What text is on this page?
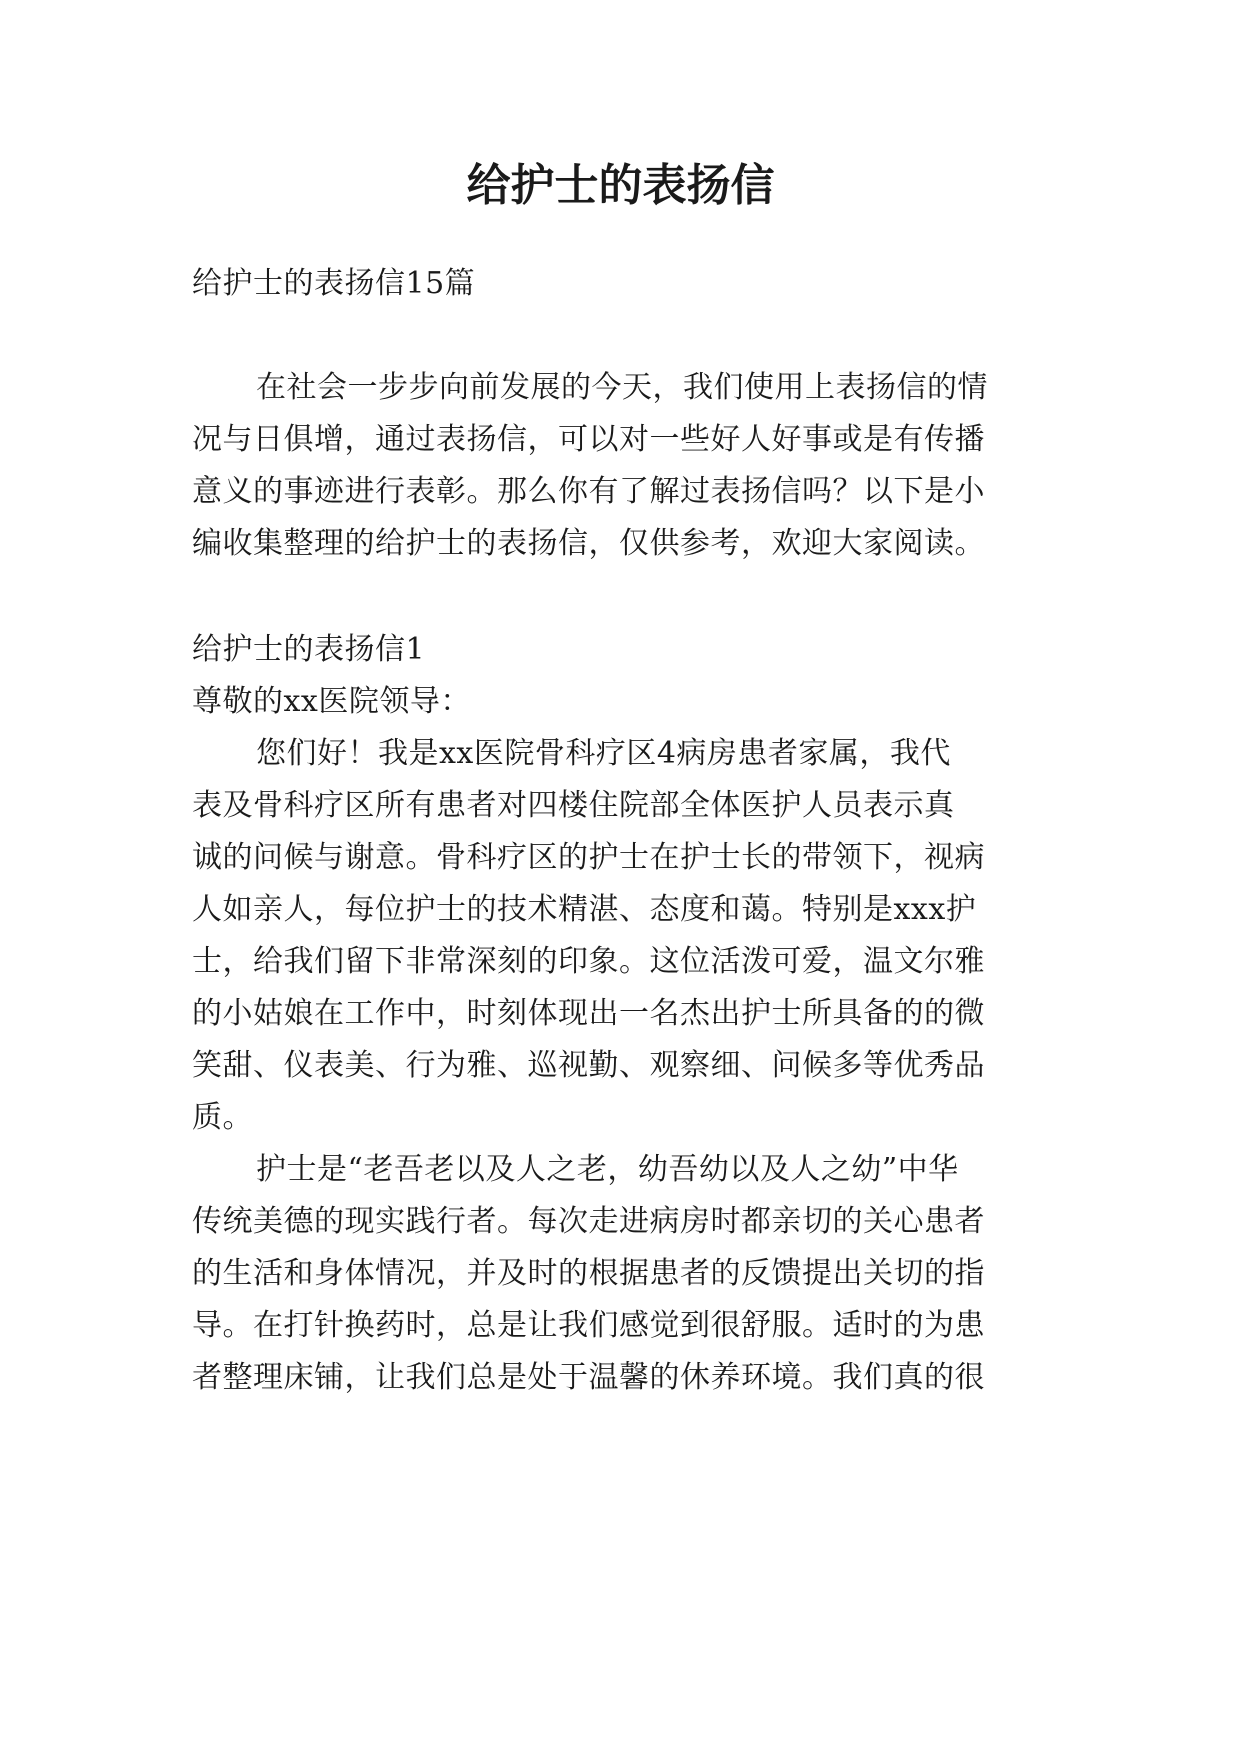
给护士的表扬信
给护士的表扬信15篇
在社会一步步向前发展的今天，我们使用上表扬信的情
况与日俱增，通过表扬信，可以对一些好人好事或是有传播
意义的事迹进行表彰。那么你有了解过表扬信吗？以下是小
编收集整理的给护士的表扬信，仅供参考，欢迎大家阅读。
给护士的表扬信1
尊敬的xx医院领导：
您们好！我是xx医院骨科疗区4病房患者家属，我代
表及骨科疗区所有患者对四楼住院部全体医护人员表示真
诚的问候与谢意。骨科疗区的护士在护士长的带领下，视病
人如亲人，每位护士的技术精湛、态度和蔼。特别是xxx护
士，给我们留下非常深刻的印象。这位活泼可爱，温文尔雅
的小姑娘在工作中，时刻体现出一名杰出护士所具备的的微
笑甜、仪表美、行为雅、巡视勤、观察细、问候多等优秀品
质。
护士是“老吾老以及人之老，幼吾幼以及人之幼”中华
传统美德的现实践行者。每次走进病房时都亲切的关心患者
的生活和身体情况，并及时的根据患者的反馈提出关切的指
导。在打针换药时，总是让我们感觉到很舒服。适时的为患
者整理床铺，让我们总是处于温馨的休养环境。我们真的很
